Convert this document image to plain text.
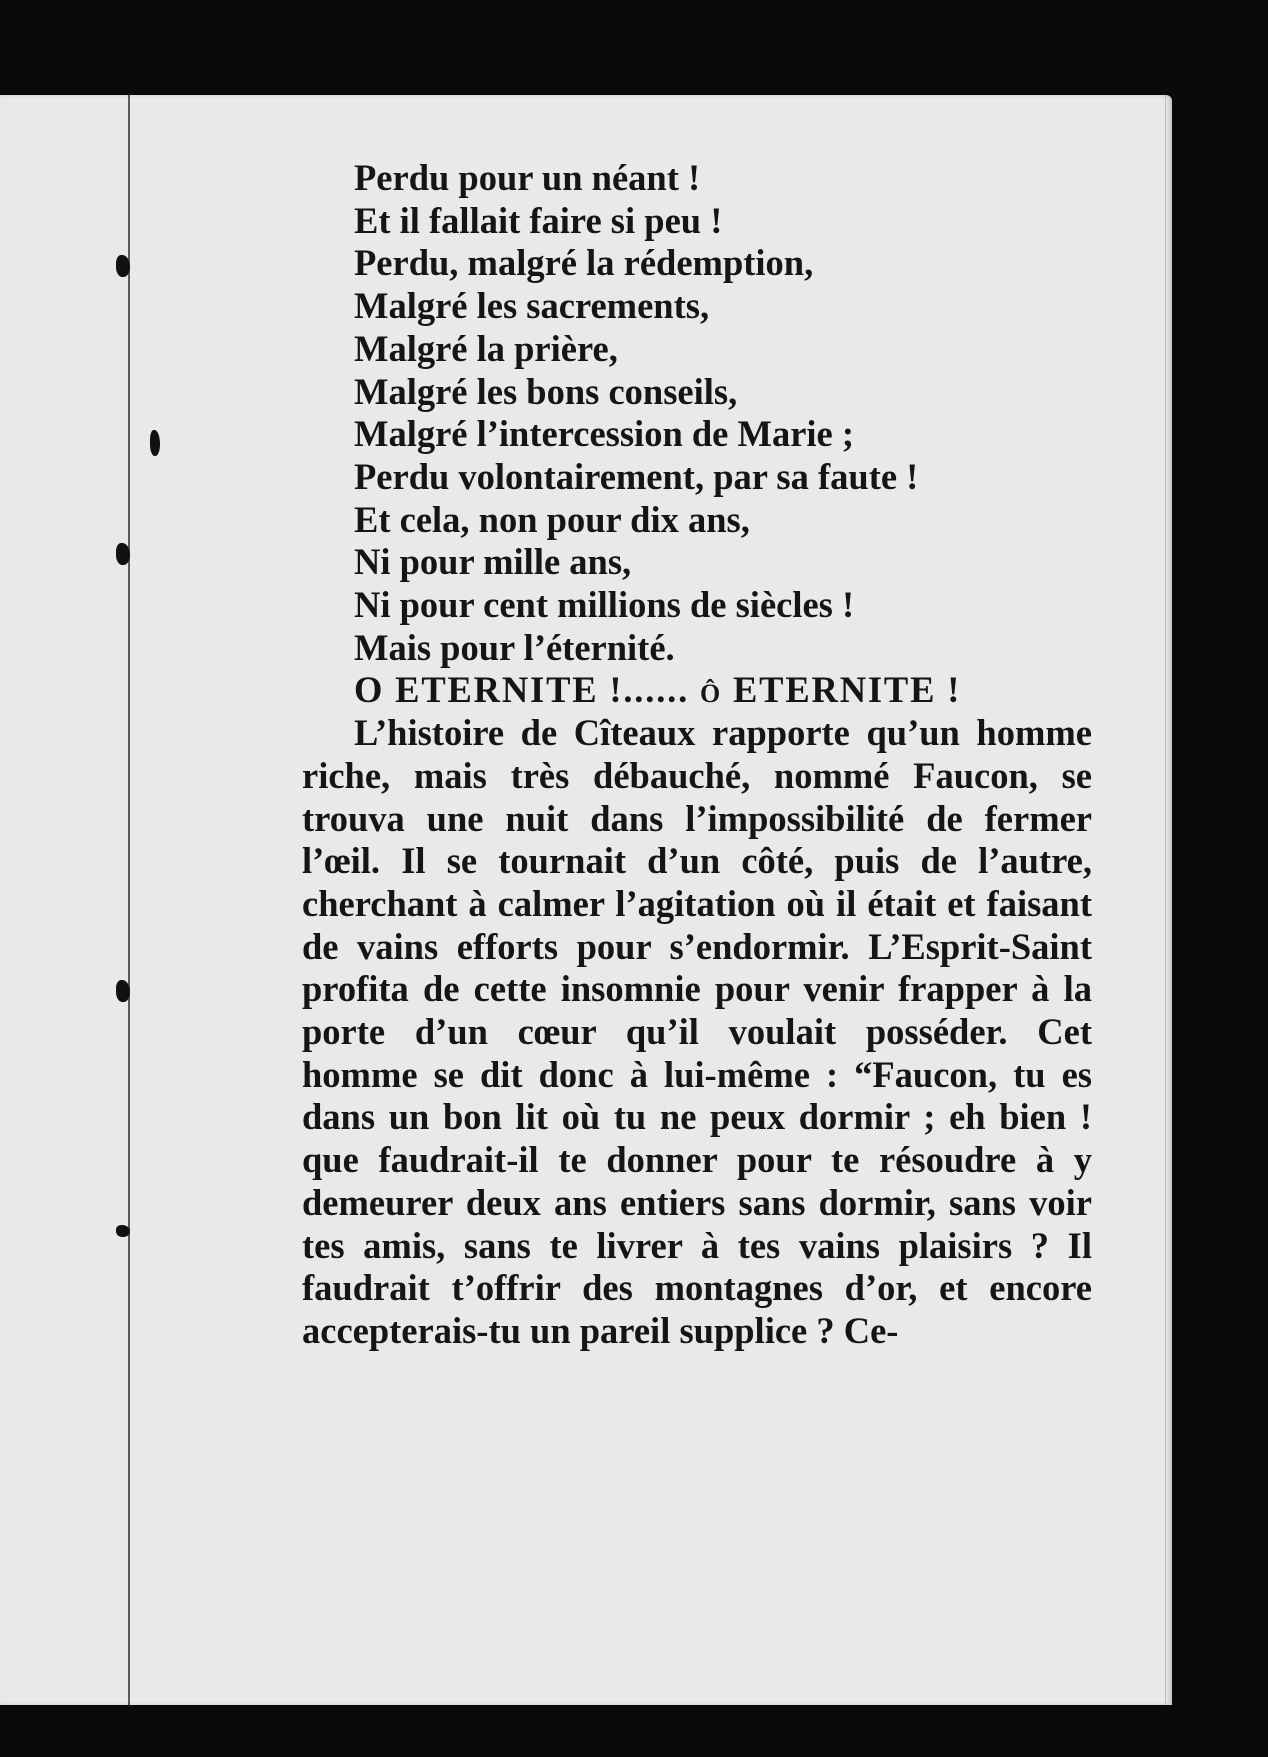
Perdu pour un néant !
Et il fallait faire si peu !
Perdu, malgré la rédemption,
Malgré les sacrements,
Malgré la prière,
Malgré les bons conseils,
Malgré l’intercession de Marie ;
Perdu volontairement, par sa faute !
Et cela, non pour dix ans,
Ni pour mille ans,
Ni pour cent millions de siècles !
Mais pour l’éternité.
O ETERNITE !...... ô ETERNITE !

L’histoire de Cîteaux rapporte qu’un homme riche, mais très débauché, nommé Faucon, se trouva une nuit dans l’impossibilité de fermer l’œil. Il se tournait d’un côté, puis de l’autre, cherchant à calmer l’agitation où il était et faisant de vains efforts pour s’endormir. L’Esprit-Saint profita de cette insomnie pour venir frapper à la porte d’un cœur qu’il voulait posséder. Cet homme se dit donc à lui-même : “Faucon, tu es dans un bon lit où tu ne peux dormir ; eh bien ! que faudrait-il te donner pour te résoudre à y demeurer deux ans entiers sans dormir, sans voir tes amis, sans te livrer à tes vains plaisirs ? Il faudrait t’offrir des montagnes d’or, et encore accepterais-tu un pareil supplice ? Ce-
